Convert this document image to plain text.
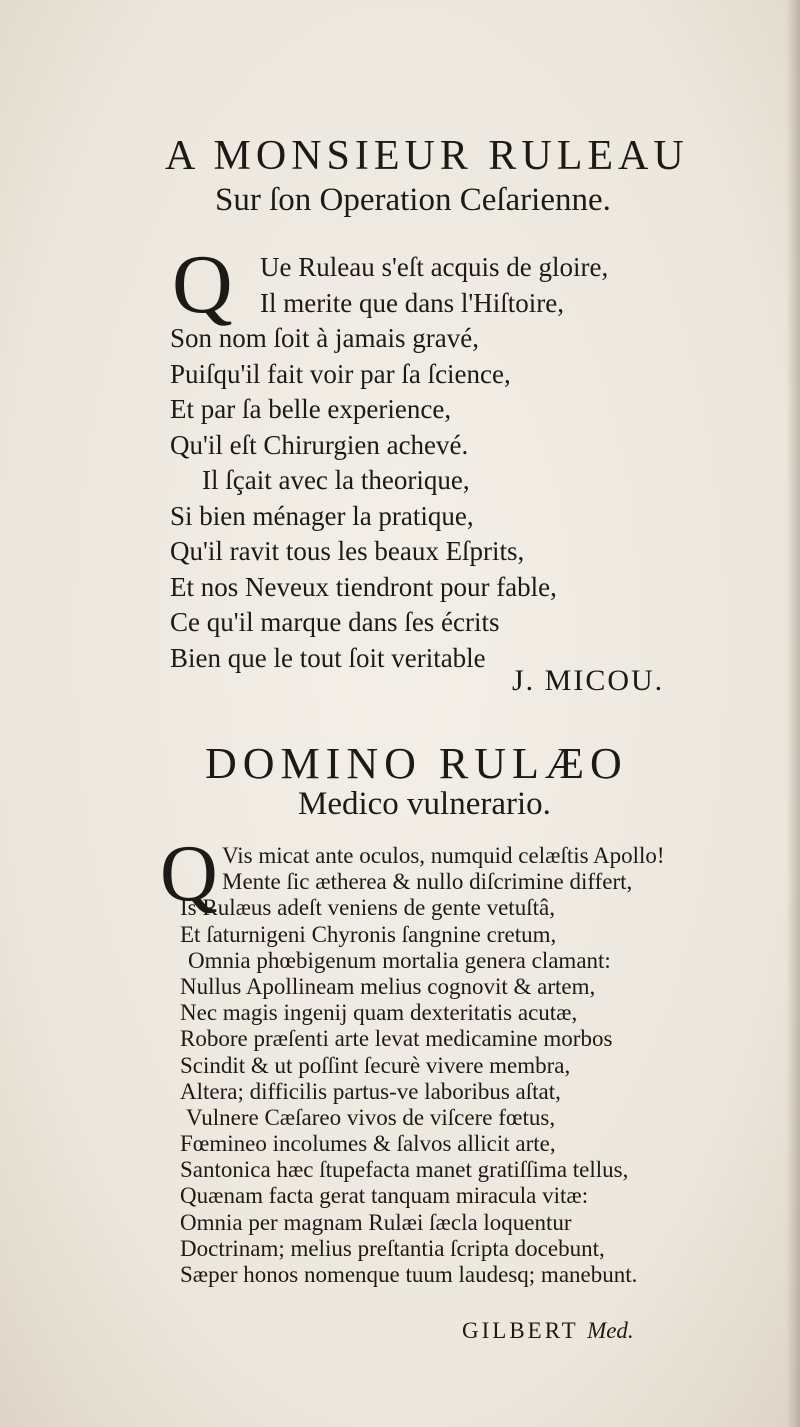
A MONSIEUR RULEAU
Sur ſon Operation Ceſarienne.
Q	Ue Ruleau s'eſt acquis de gloire,
Il merite que dans l'Hiſtoire,
Son nom ſoit à jamais gravé,
Puiſqu'il fait voir par ſa ſcience,
Et par ſa belle experience,
Qu'il eſt Chirurgien achevé.
Il ſçait avec la theorique,
Si bien ménager la pratique,
Qu'il ravit tous les beaux Eſprits,
Et nos Neveux tiendront pour fable,
Ce qu'il marque dans ſes écrits
Bien que le tout ſoit veritable
J. MICOU.
DOMINO RULÆO
Medico vulnerario.
Q Vis micat ante oculos, numquid celæſtis Apollo!
Mente ſic ætherea & nullo diſcrimine differt,
Is Rulæus adeſt veniens de gente vetuſtâ,
Et ſaturnigeni Chyronis ſangnine cretum,
Omnia phœbigenum mortalia genera clamant:
Nullus Apollineam melius cognovit & artem,
Nec magis ingenij quam dexteritatis acutæ,
Robore præſenti arte levat medicamine morbos
Scindit & ut poſſint ſecurè vivere membra,
Altera; difficilis partus-ve laboribus aſtat,
Vulnere Cæſareo vivos de viſcere fœtus,
Fœmineo incolumes & ſalvos allicit arte,
Santonica hæc ſtupefacta manet gratiſſima tellus,
Quænam facta gerat tanquam miracula vitæ:
Omnia per magnam Rulæi ſæcla loquentur
Doctrinam; melius preſtantia ſcripta docebunt,
Sæper honos nomenque tuum laudesq; manebunt.
GILBERT Med.
